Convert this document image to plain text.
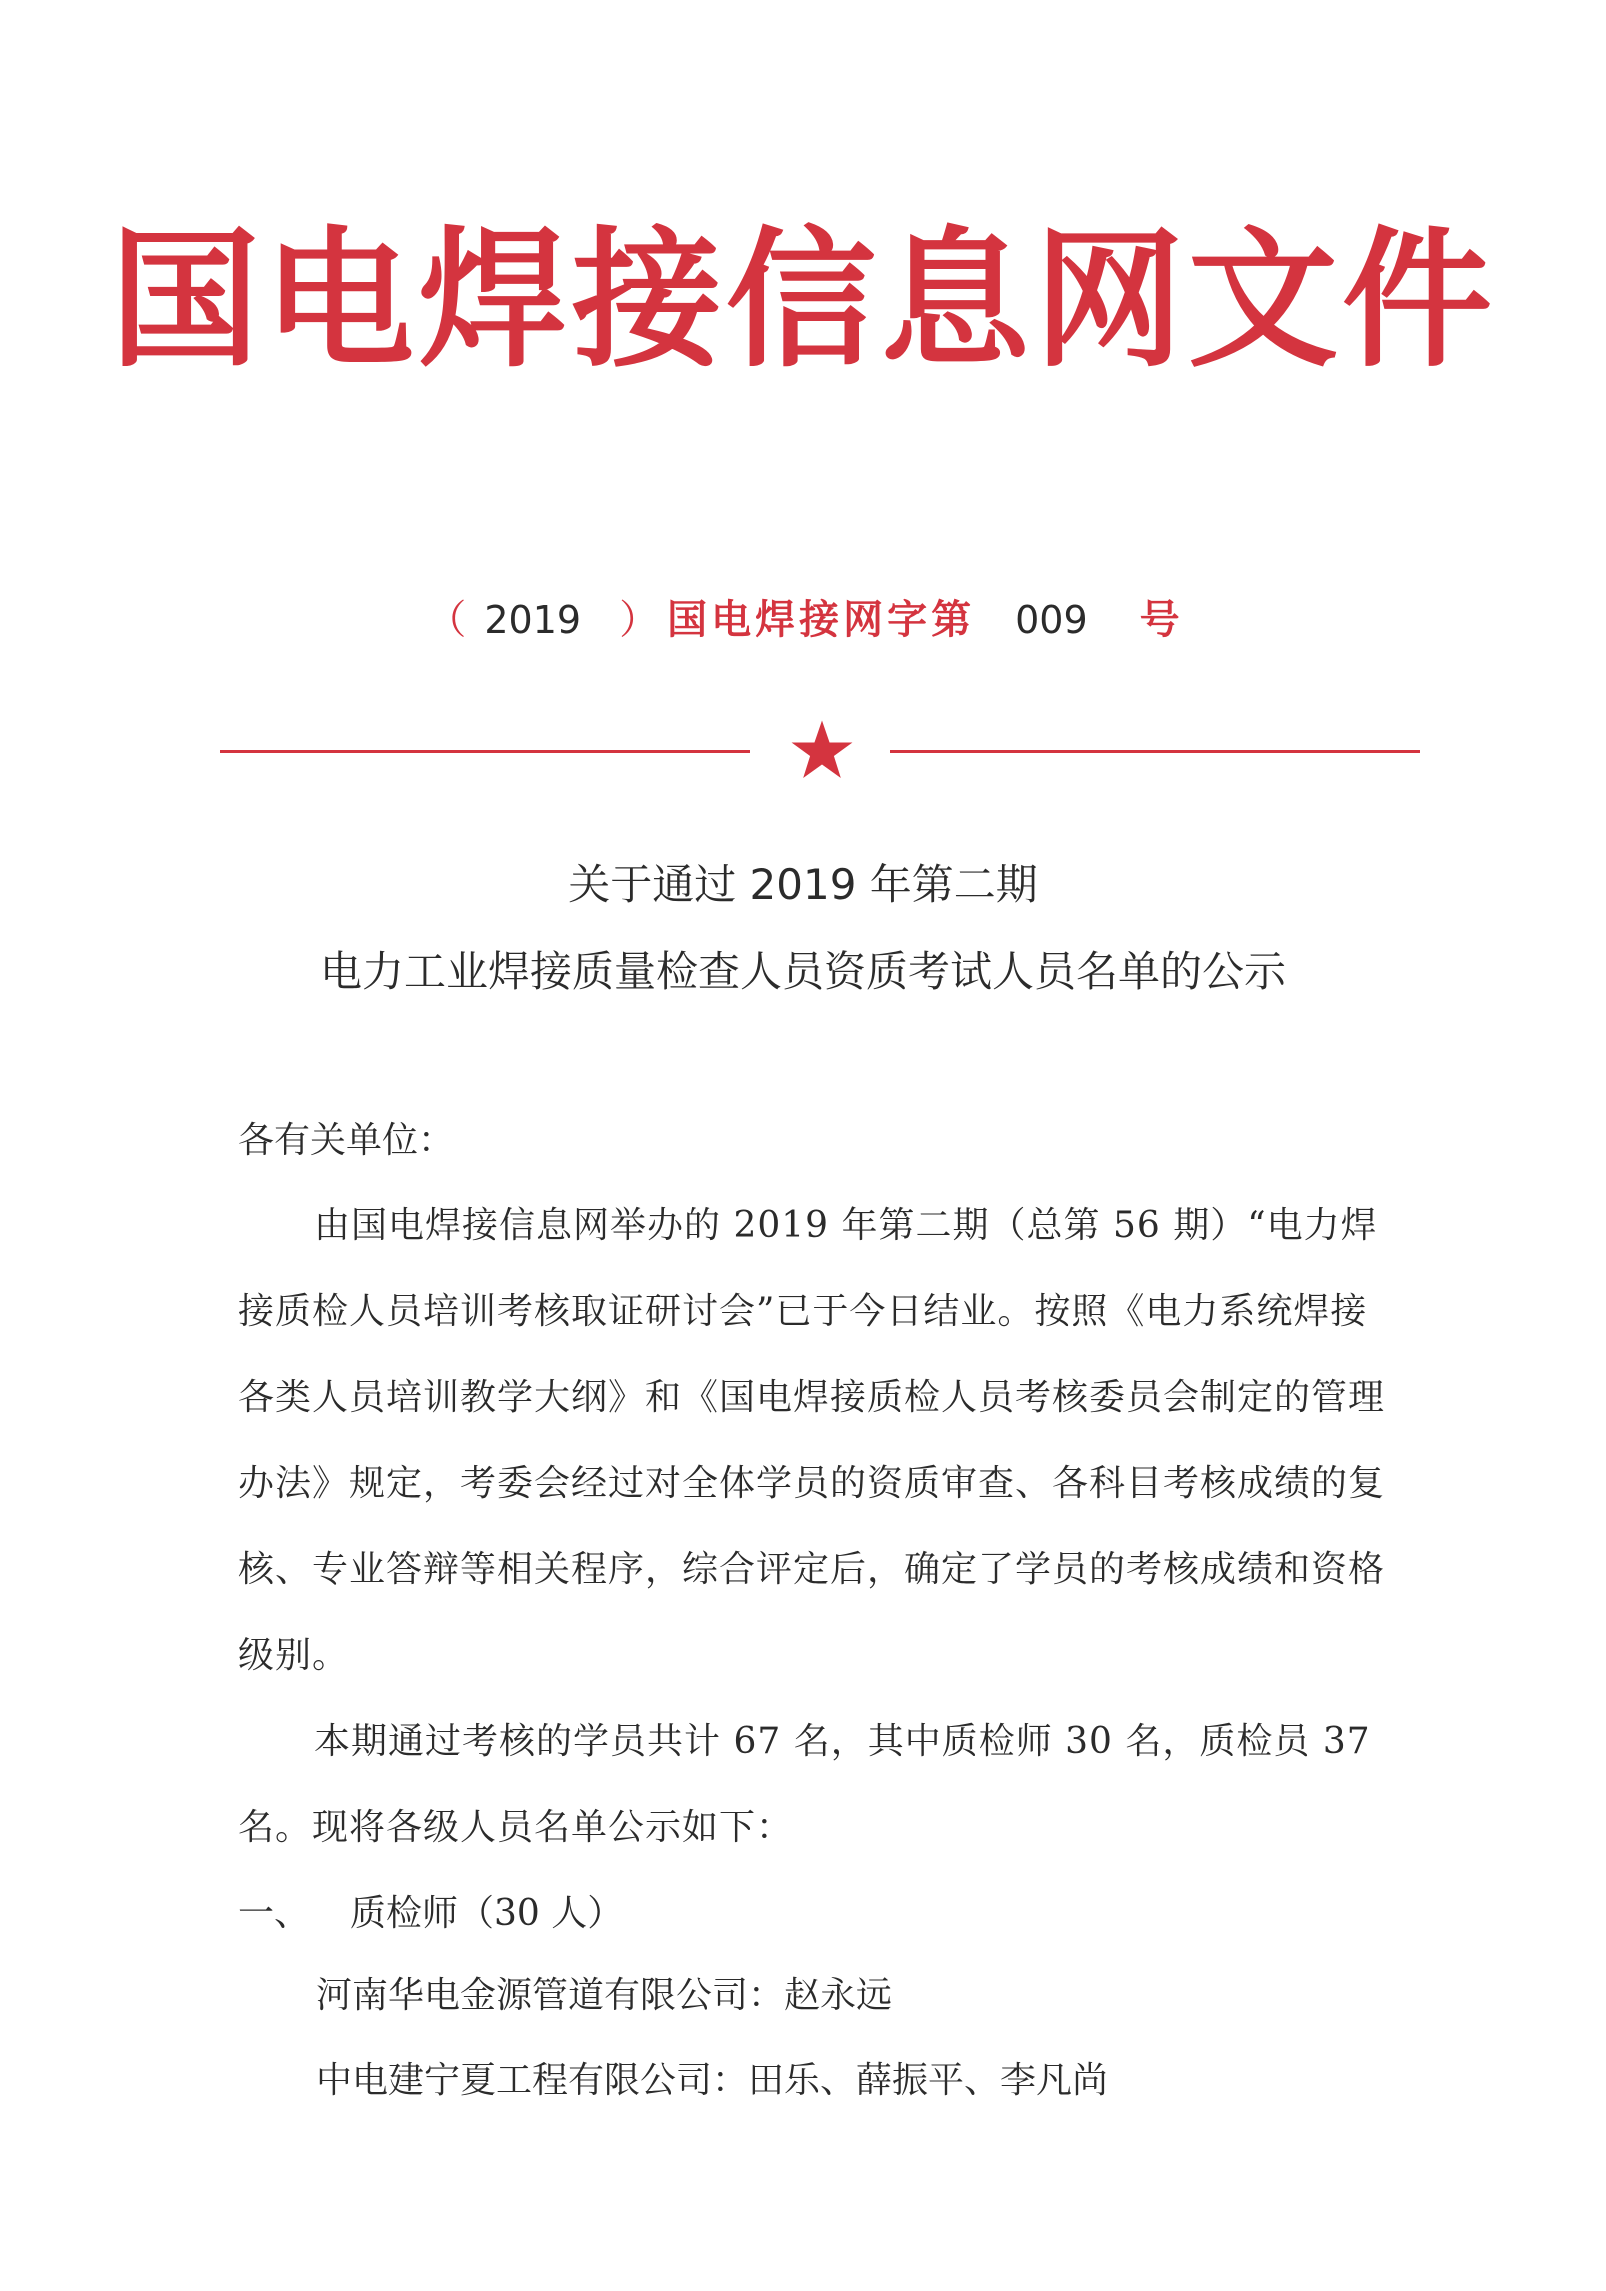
国电焊接信息网文件
（ 2019 ） 国电焊接网字第 009 号
关于通过 2019 年第二期
电力工业焊接质量检查人员资质考试人员名单的公示
各有关单位：
由国电焊接信息网举办的 2019 年第二期（总第 56 期）“电力焊接质检人员培训考核取证研讨会”已于今日结业。按照《电力系统焊接各类人员培训教学大纲》和《国电焊接质检人员考核委员会制定的管理办法》规定，考委会经过对全体学员的资质审查、各科目考核成绩的复核、专业答辩等相关程序，综合评定后，确定了学员的考核成绩和资格级别。
本期通过考核的学员共计 67 名，其中质检师 30 名，质检员 37 名。现将各级人员名单公示如下：
一、 质检师（30 人）
河南华电金源管道有限公司：赵永远
中电建宁夏工程有限公司：田乐、薛振平、李凡尚
